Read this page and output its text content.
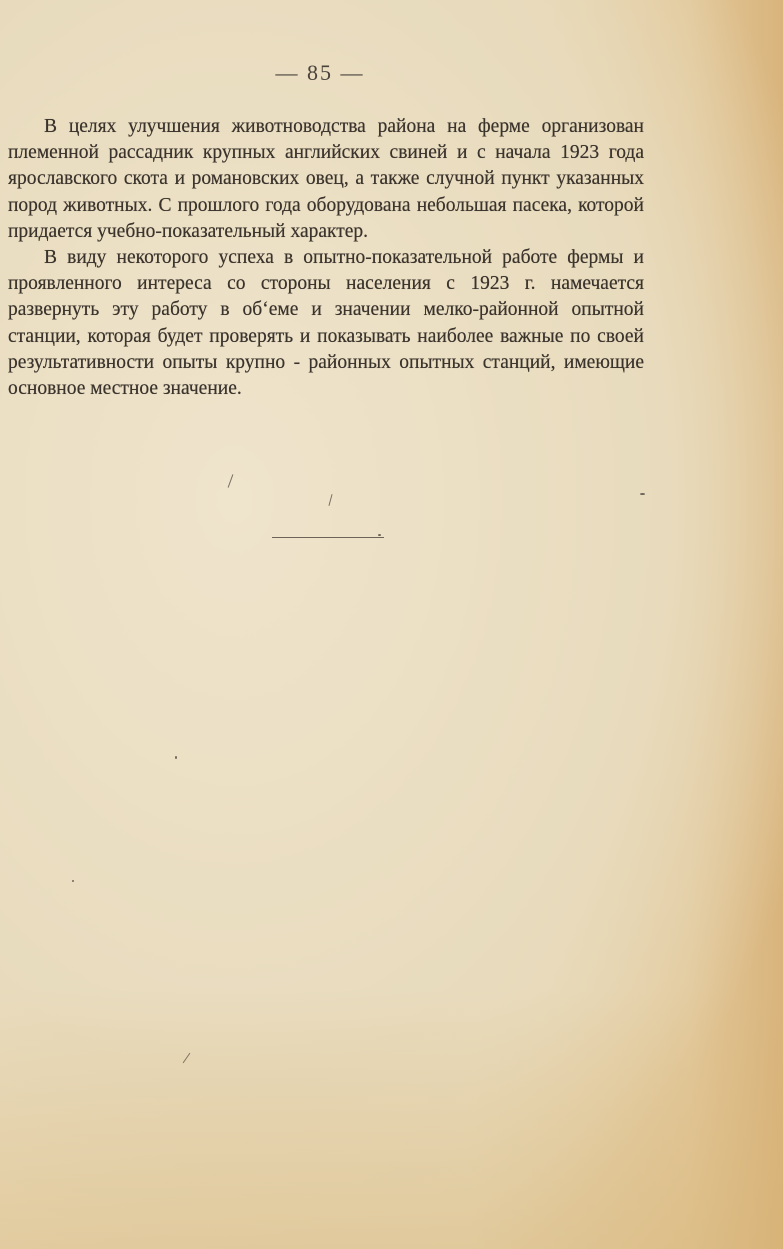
— 85 —

В целях улучшения животноводства района на ферме организован племенной рассадник крупных английских свиней и с начала 1923 года ярославского скота и романовских овец, а также случной пункт указанных пород животных. С прошлого года оборудована небольшая пасека, которой придается учебно-показательный характер.

В виду некоторого успеха в опытно-показательной работе фермы и проявленного интереса со стороны населения с 1923 г. намечается развернуть эту работу в об‘еме и значении мелко-районной опытной станции, которая будет проверять и показывать наиболее важные по своей результативности опыты крупно - районных опытных станций, имеющие основное местное значение.
